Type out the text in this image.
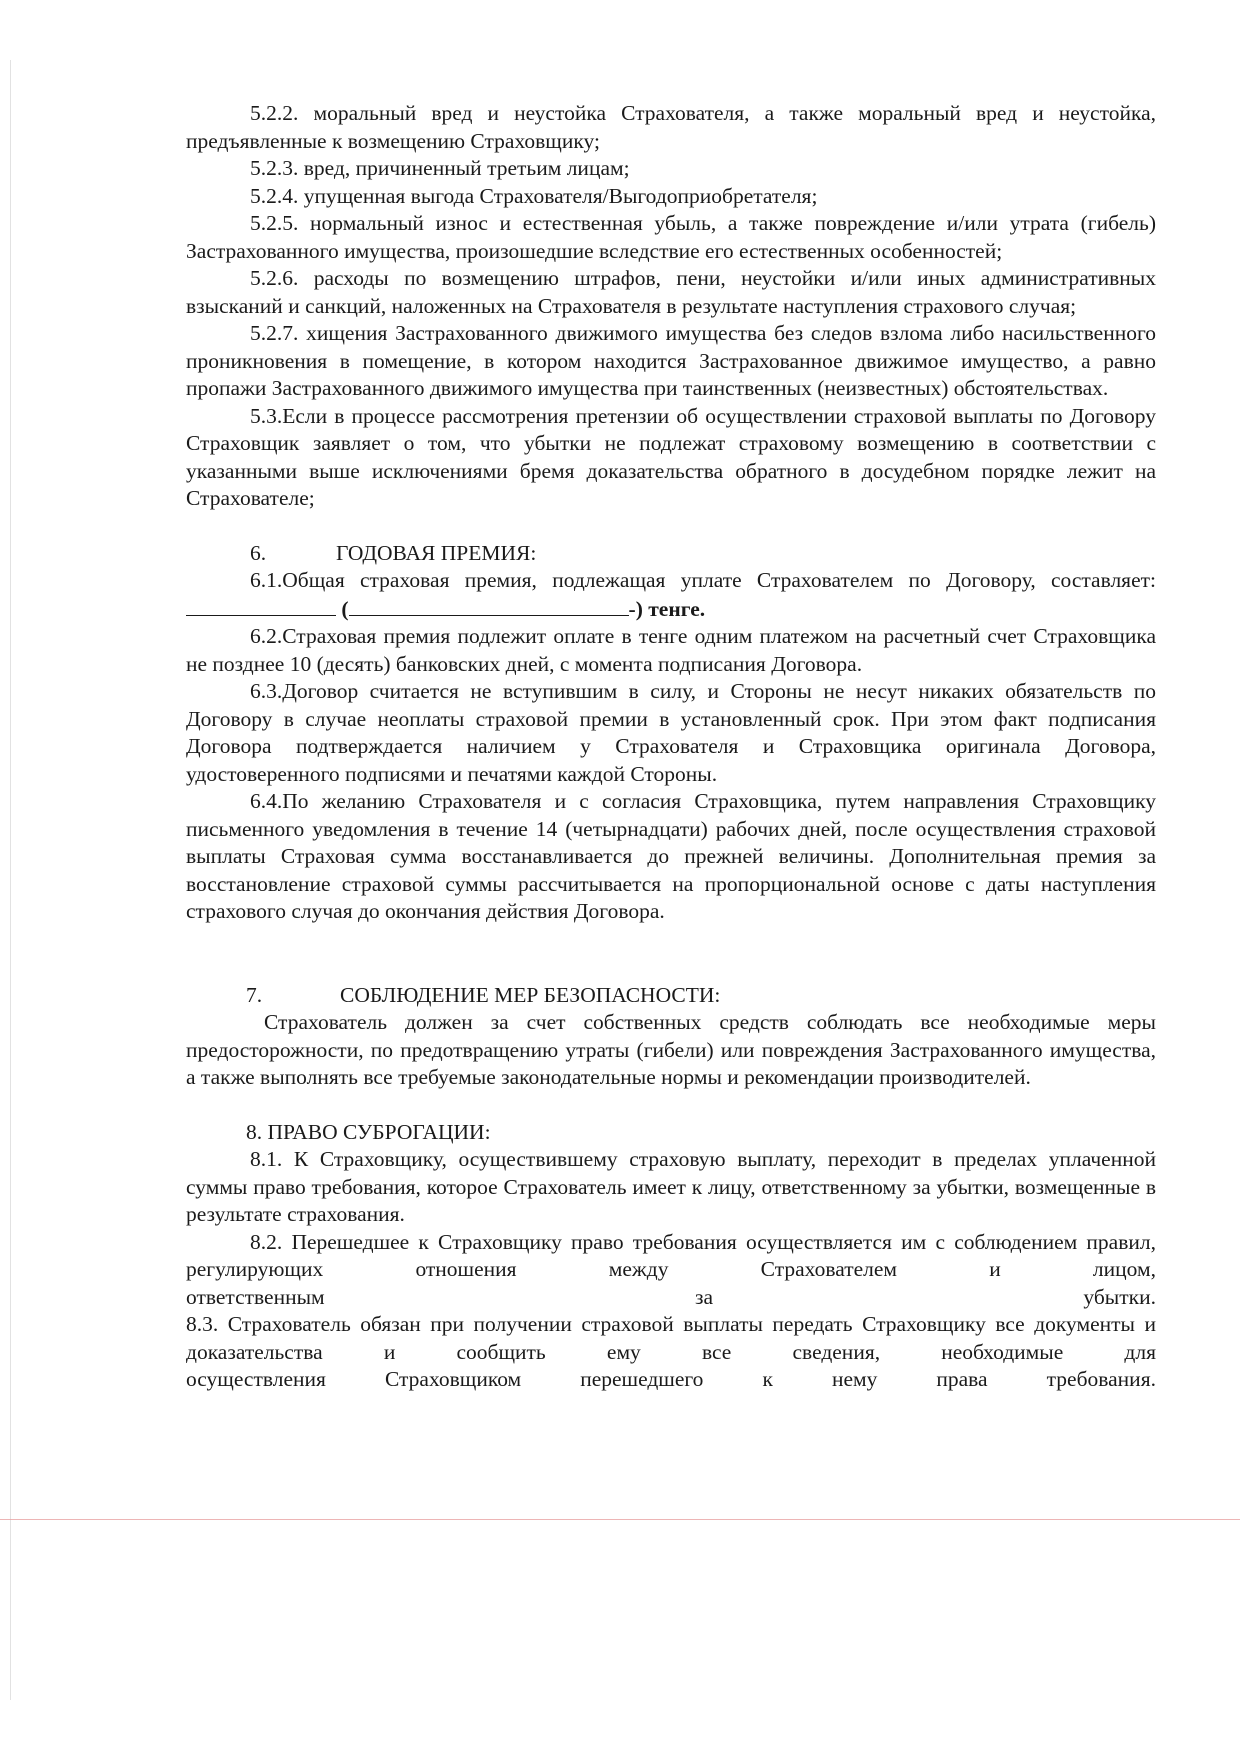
5.2.2. моральный вред и неустойка Страхователя, а также моральный вред и неустойка, предъявленные к возмещению Страховщику;

5.2.3. вред, причиненный третьим лицам;

5.2.4. упущенная выгода Страхователя/Выгодоприобретателя;

5.2.5. нормальный износ и естественная убыль, а также повреждение и/или утрата (гибель) Застрахованного имущества, произошедшие вследствие его естественных особенностей;

5.2.6. расходы по возмещению штрафов, пени, неустойки и/или иных административных взысканий и санкций, наложенных на Страхователя в результате наступления страхового случая;

5.2.7. хищения Застрахованного движимого имущества без следов взлома либо насильственного проникновения в помещение, в котором находится Застрахованное движимое имущество, а равно пропажи Застрахованного движимого имущества при таинственных (неизвестных) обстоятельствах.

5.3.Если в процессе рассмотрения претензии об осуществлении страховой выплаты по Договору Страховщик заявляет о том, что убытки не подлежат страховому возмещению в соответствии с указанными выше исключениями бремя доказательства обратного в досудебном порядке лежит на Страхователе;

6.	ГОДОВАЯ ПРЕМИЯ:

6.1.Общая страховая премия, подлежащая уплате Страхователем по Договору, составляет:  (	-) тенге.

6.2.Страховая премия подлежит оплате в тенге одним платежом на расчетный счет Страховщика не позднее 10 (десять) банковских дней, с момента подписания Договора.

6.3.Договор считается не вступившим в силу, и Стороны не несут никаких обязательств по Договору в случае неоплаты страховой премии в установленный срок. При этом факт подписания Договора подтверждается наличием у Страхователя и Страховщика оригинала Договора, удостоверенного подписями и печатями каждой Стороны.

6.4.По желанию Страхователя и с согласия Страховщика, путем направления Страховщику письменного уведомления в течение 14 (четырнадцати) рабочих дней, после осуществления страховой выплаты Страховая сумма восстанавливается до прежней величины. Дополнительная премия за восстановление страховой суммы рассчитывается на пропорциональной основе с даты наступления страхового случая до окончания действия Договора.

7.	СОБЛЮДЕНИЕ МЕР БЕЗОПАСНОСТИ:

Страхователь должен за счет собственных средств соблюдать все необходимые меры предосторожности, по предотвращению утраты (гибели) или повреждения Застрахованного имущества, а также выполнять все требуемые законодательные нормы и рекомендации производителей.

8. ПРАВО СУБРОГАЦИИ:

8.1. К Страховщику, осуществившему страховую выплату, переходит в пределах уплаченной суммы право требования, которое Страхователь имеет к лицу, ответственному за убытки, возмещенные в результате страхования.

8.2. Перешедшее к Страховщику право требования осуществляется им с соблюдением правил, регулирующих отношения между Страхователем и лицом,

ответственным	за	убытки.

8.3. Страхователь обязан при получении страховой выплаты передать Страховщику все документы и доказательства и сообщить ему все сведения, необходимые для

осуществления	Страховщиком	перешедшего	к	нему	права	требования.
